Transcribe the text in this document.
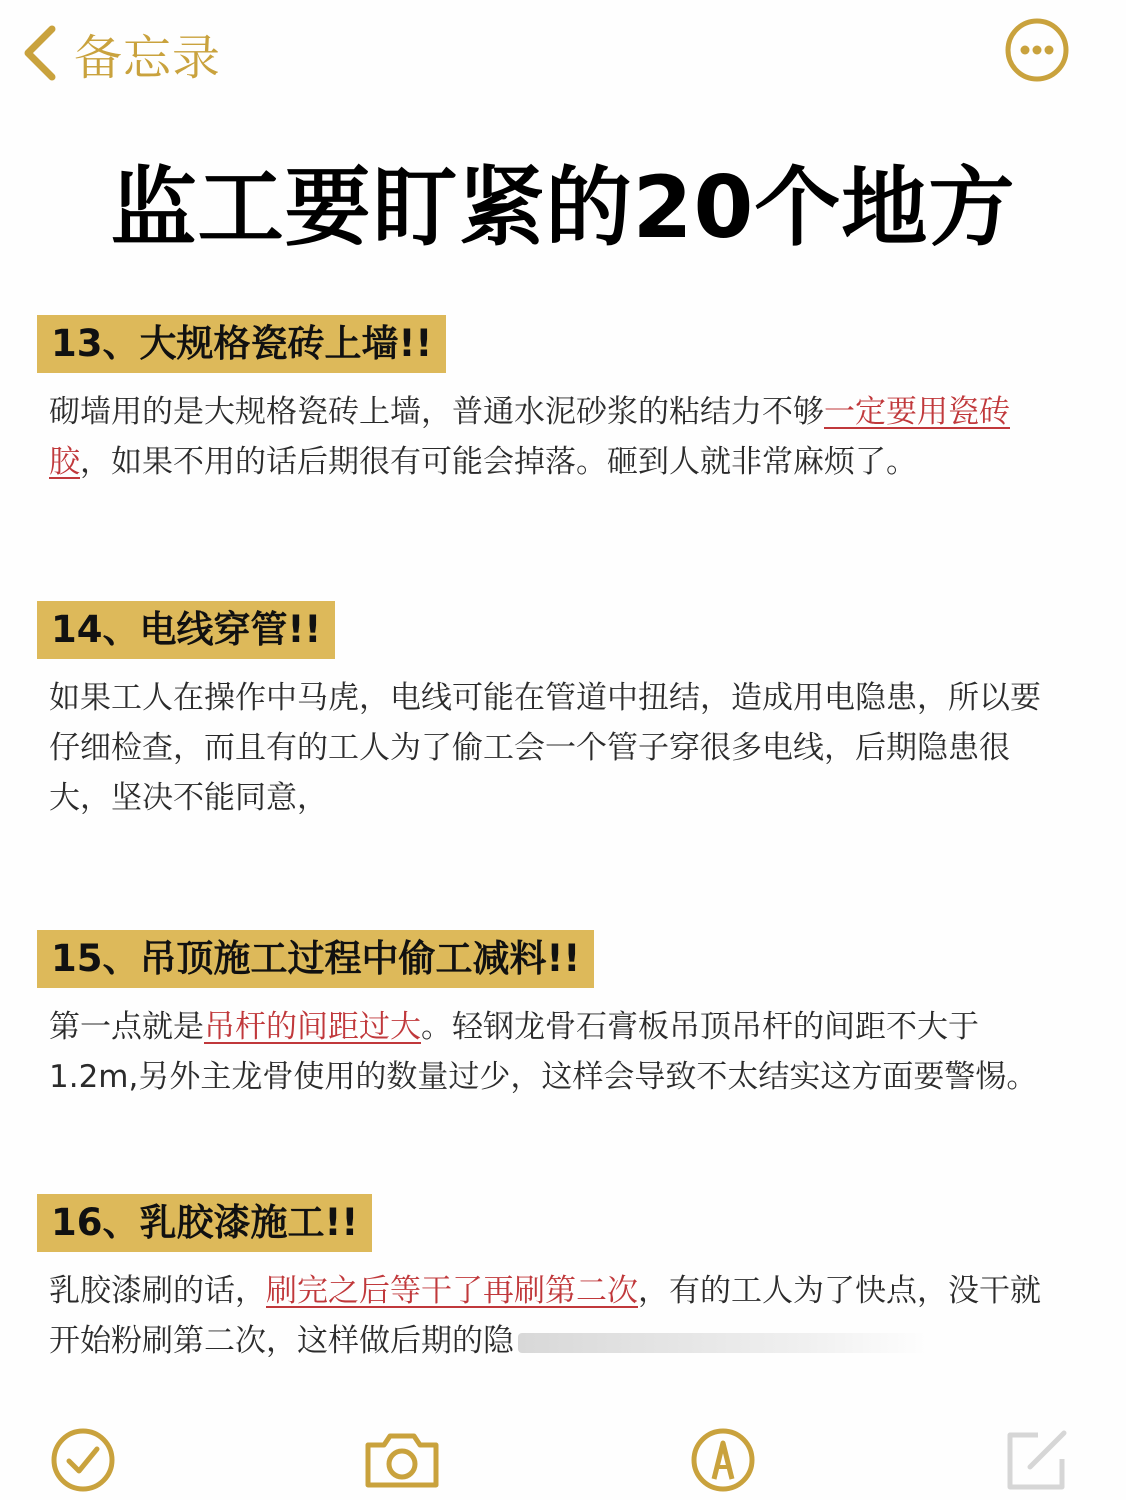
备忘录
监工要盯紧的20个地方
13、大规格瓷砖上墙!!
砌墙用的是大规格瓷砖上墙，普通水泥砂浆的粘结力不够一定要用瓷砖胶，如果不用的话后期很有可能会掉落。砸到人就非常麻烦了。
14、电线穿管!!
如果工人在操作中马虎，电线可能在管道中扭结，造成用电隐患，所以要仔细检查，而且有的工人为了偷工会一个管子穿很多电线，后期隐患很大，坚决不能同意，
15、吊顶施工过程中偷工减料!!
第一点就是吊杆的间距过大。轻钢龙骨石膏板吊顶吊杆的间距不大于1.2m,另外主龙骨使用的数量过少，这样会导致不太结实这方面要警惕。
16、乳胶漆施工!!
乳胶漆刷的话，刷完之后等干了再刷第二次，有的工人为了快点，没干就开始粉刷第二次，这样做后期的隐
